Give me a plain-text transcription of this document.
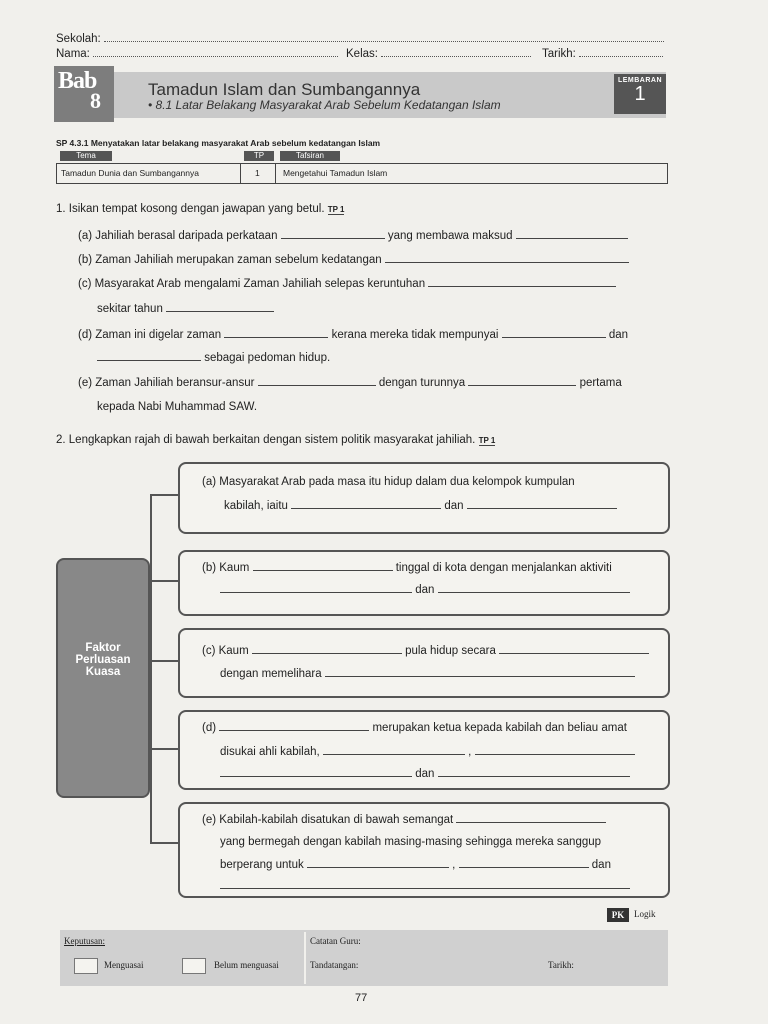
Sekolah:
Nama:	Kelas:	Tarikh:
Bab
8	Tamadun Islam dan Sumbangannya
• 8.1 Latar Belakang Masyarakat Arab Sebelum Kedatangan Islam
LEMBARAN
1
SP 4.3.1 Menyatakan latar belakang masyarakat Arab sebelum kedatangan Islam
Tema	TP	Tafsiran
Tamadun Dunia dan Sumbangannya	1	Mengetahui Tamadun Islam
1. Isikan tempat kosong dengan jawapan yang betul. TP 1
(a) Jahiliah berasal daripada perkataan	yang membawa maksud
(b) Zaman Jahiliah merupakan zaman sebelum kedatangan
(c) Masyarakat Arab mengalami Zaman Jahiliah selepas keruntuhan
sekitar tahun
(d) Zaman ini digelar zaman	kerana mereka tidak mempunyai	dan
sebagai pedoman hidup.
(e) Zaman Jahiliah beransur-ansur	dengan turunnya	pertama
kepada Nabi Muhammad SAW.
2. Lengkapkan rajah di bawah berkaitan dengan sistem politik masyarakat jahiliah. TP 1
Faktor
Perluasan
Kuasa
(a) Masyarakat Arab pada masa itu hidup dalam dua kelompok kumpulan
kabilah, iaitu	dan
(b) Kaum	tinggal di kota dengan menjalankan aktiviti
dan
(c) Kaum	pula hidup secara
dengan memelihara
(d)	merupakan ketua kepada kabilah dan beliau amat
disukai ahli kabilah,	,
dan
(e) Kabilah-kabilah disatukan di bawah semangat
yang bermegah dengan kabilah masing-masing sehingga mereka sanggup
berperang untuk	,	dan
PK	Logik
Keputusan:
Menguasai	Belum menguasai
Catatan Guru:
Tandatangan:	Tarikh:
77
